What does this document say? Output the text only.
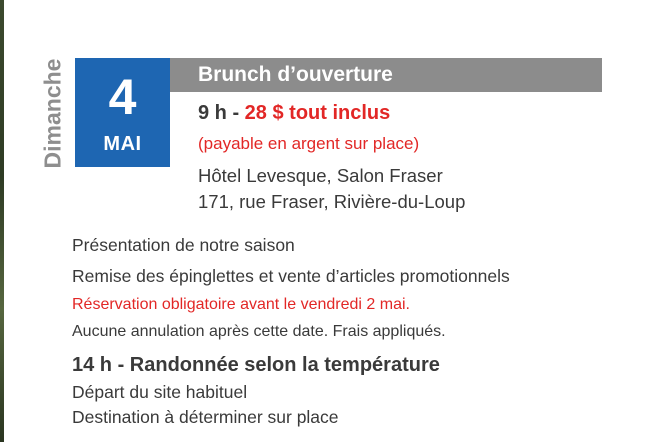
Dimanche 4
MAI
Brunch d’ouverture
9 h - 28 $ tout inclus
(payable en argent sur place)
Hôtel Levesque, Salon Fraser
171, rue Fraser, Rivière-du-Loup
Présentation de notre saison
Remise des épinglettes et vente d’articles promotionnels
Réservation obligatoire avant le vendredi 2 mai.
Aucune annulation après cette date. Frais appliqués.
14 h - Randonnée selon la température
Départ du site habituel
Destination à déterminer sur place
